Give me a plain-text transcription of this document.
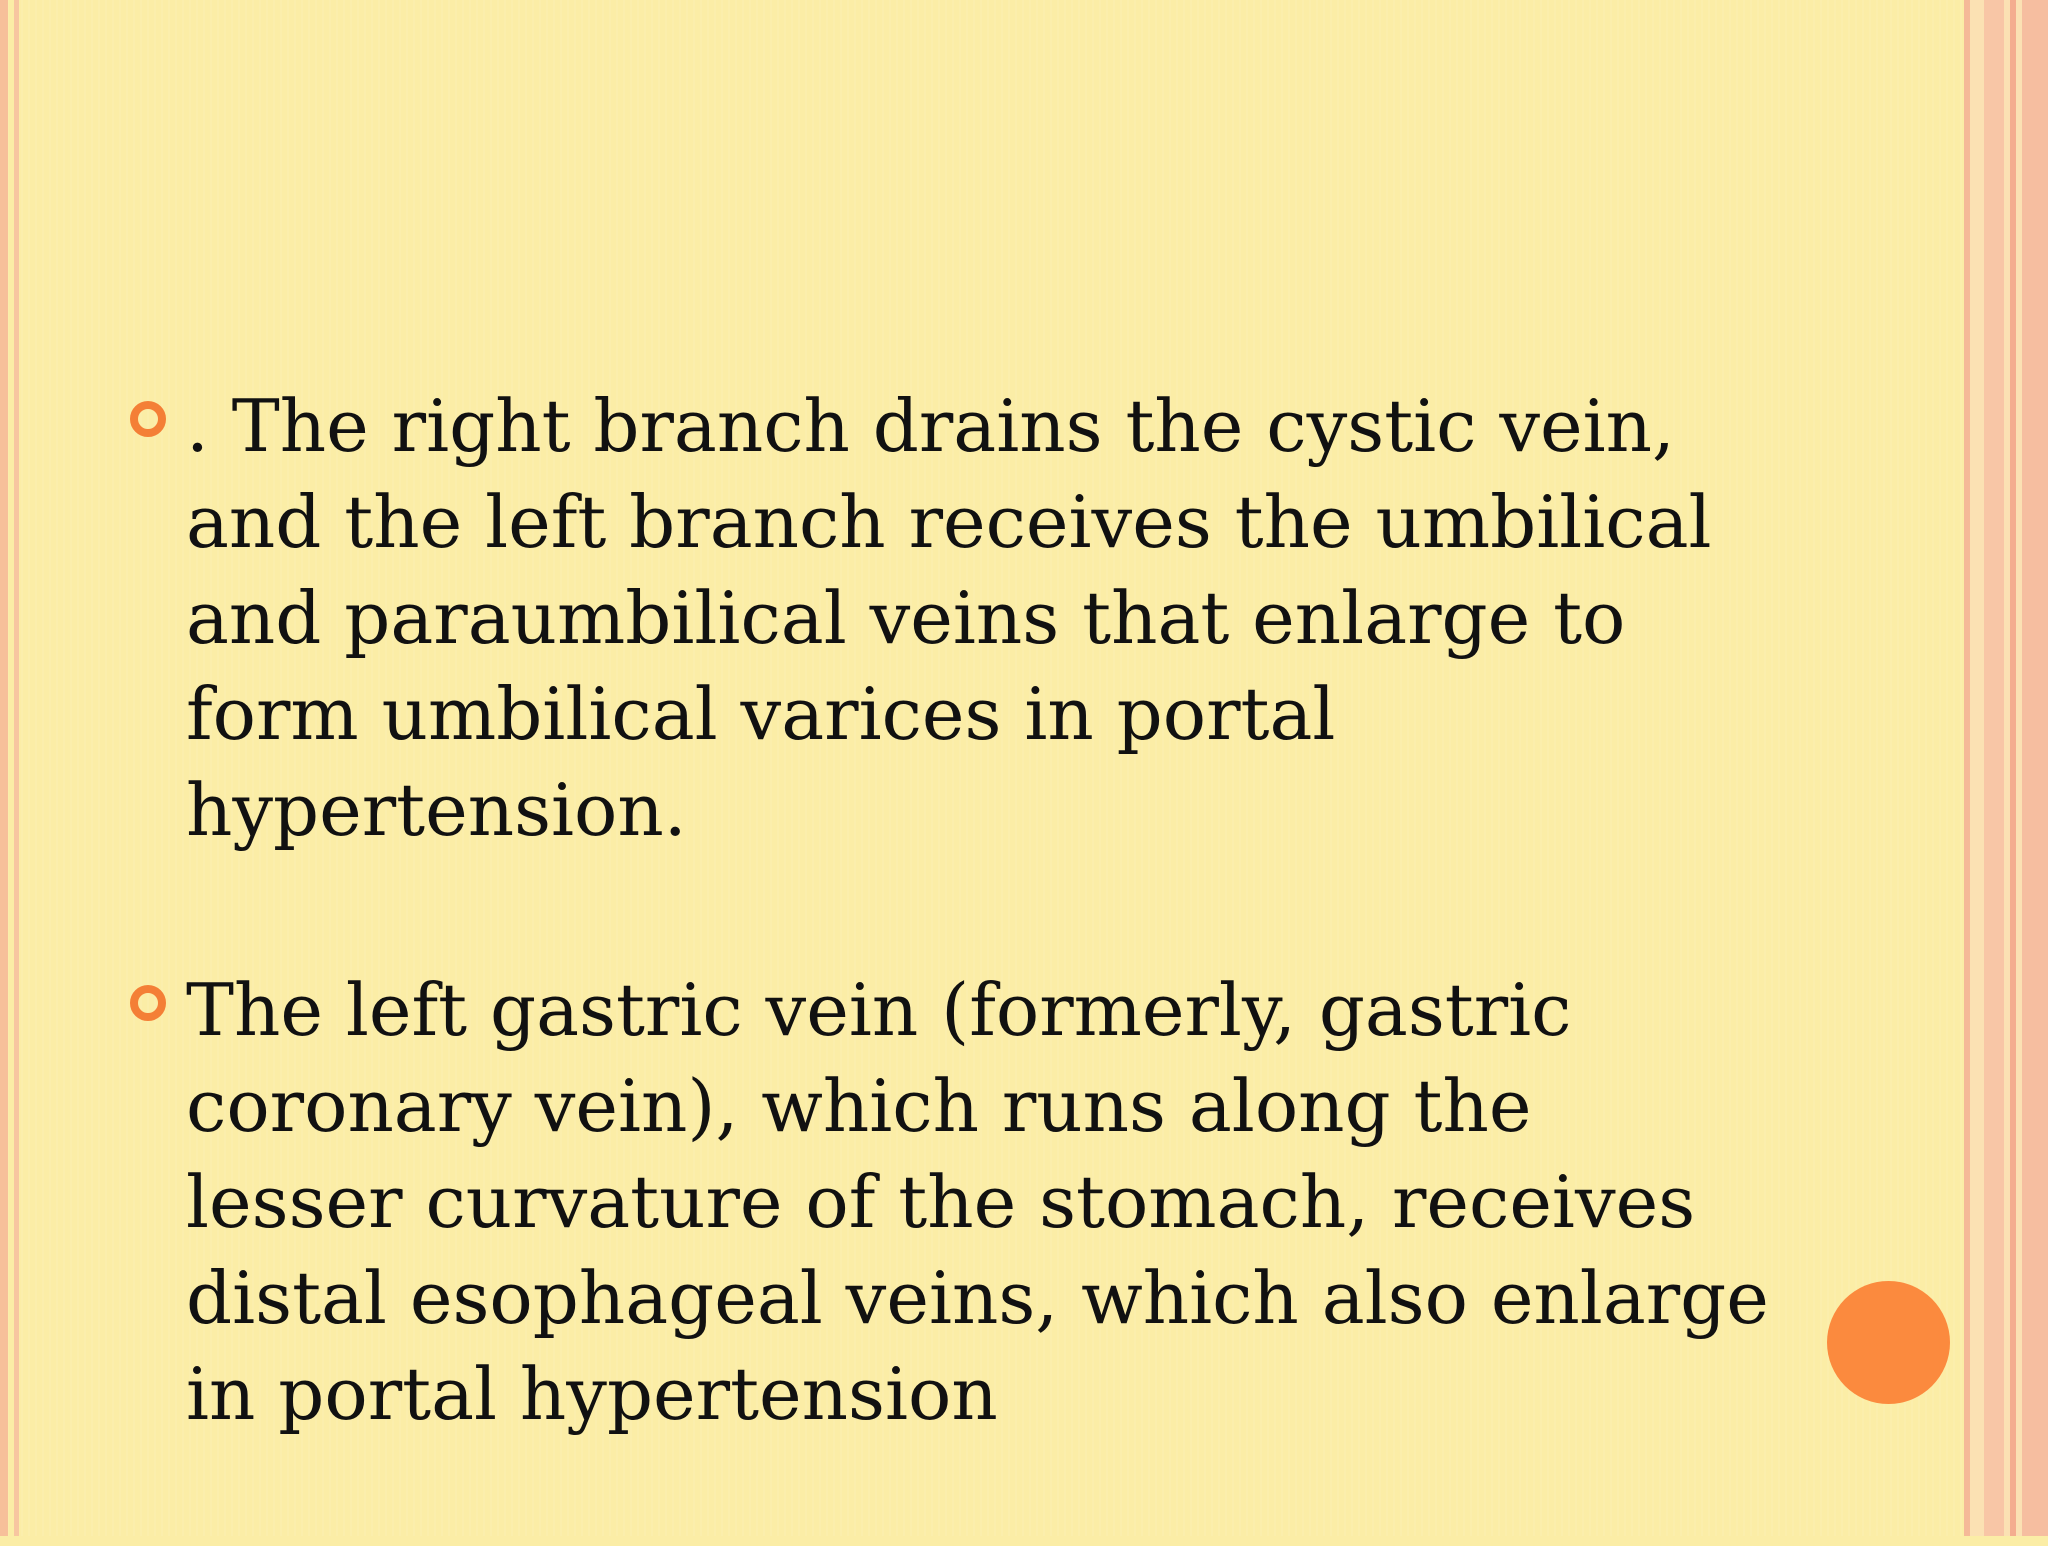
. The right branch drains the cystic vein, and the left branch receives the umbilical and paraumbilical veins that enlarge to form umbilical varices in portal hypertension.
The left gastric vein (formerly, gastric coronary vein), which runs along the lesser curvature of the stomach, receives distal esophageal veins, which also enlarge in portal hypertension
